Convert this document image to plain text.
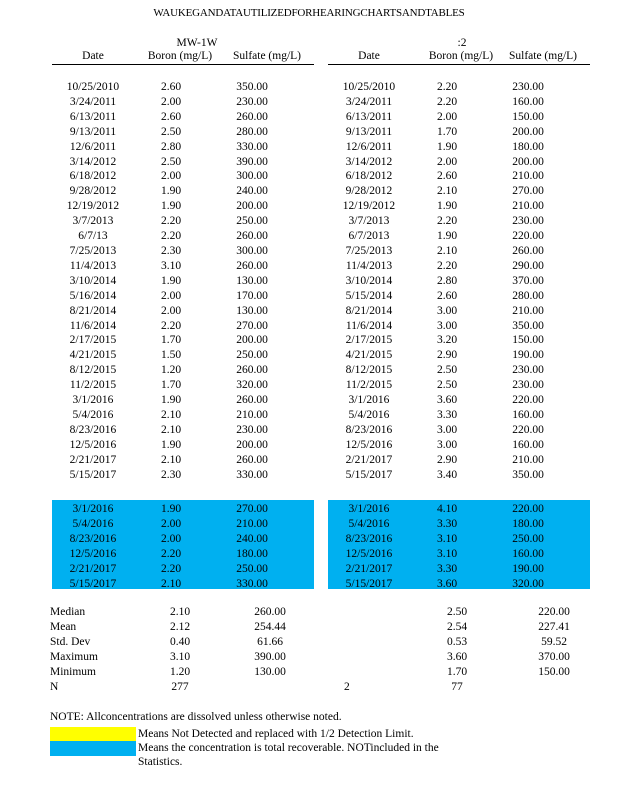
WAUKEGANDATAUTILIZEDFORHEARINGCHARTSANDTABLES
MW-1W
Date	Boron (mg/L)	Sulfate (mg/L)
:2
Date	Boron (mg/L)	Sulfate (mg/L)
10/25/2010	2.60	350.00
3/24/2011	2.00	230.00
6/13/2011	2.60	260.00
9/13/2011	2.50	280.00
12/6/2011	2.80	330.00
3/14/2012	2.50	390.00
6/18/2012	2.00	300.00
9/28/2012	1.90	240.00
12/19/2012	1.90	200.00
3/7/2013	2.20	250.00
6/7/13	2.20	260.00
7/25/2013	2.30	300.00
11/4/2013	3.10	260.00
3/10/2014	1.90	130.00
5/16/2014	2.00	170.00
8/21/2014	2.00	130.00
11/6/2014	2.20	270.00
2/17/2015	1.70	200.00
4/21/2015	1.50	250.00
8/12/2015	1.20	260.00
11/2/2015	1.70	320.00
3/1/2016	1.90	260.00
5/4/2016	2.10	210.00
8/23/2016	2.10	230.00
12/5/2016	1.90	200.00
2/21/2017	2.10	260.00
5/15/2017	2.30	330.00
10/25/2010	2.20	230.00
3/24/2011	2.20	160.00
6/13/2011	2.00	150.00
9/13/2011	1.70	200.00
12/6/2011	1.90	180.00
3/14/2012	2.00	200.00
6/18/2012	2.60	210.00
9/28/2012	2.10	270.00
12/19/2012	1.90	210.00
3/7/2013	2.20	230.00
6/7/2013	1.90	220.00
7/25/2013	2.10	260.00
11/4/2013	2.20	290.00
3/10/2014	2.80	370.00
5/15/2014	2.60	280.00
8/21/2014	3.00	210.00
11/6/2014	3.00	350.00
2/17/2015	3.20	150.00
4/21/2015	2.90	190.00
8/12/2015	2.50	230.00
11/2/2015	2.50	230.00
3/1/2016	3.60	220.00
5/4/2016	3.30	160.00
8/23/2016	3.00	220.00
12/5/2016	3.00	160.00
2/21/2017	2.90	210.00
5/15/2017	3.40	350.00
3/1/2016	1.90	270.00
5/4/2016	2.00	210.00
8/23/2016	2.00	240.00
12/5/2016	2.20	180.00
2/21/2017	2.20	250.00
5/15/2017	2.10	330.00
3/1/2016	4.10	220.00
5/4/2016	3.30	180.00
8/23/2016	3.10	250.00
12/5/2016	3.10	160.00
2/21/2017	3.30	190.00
5/15/2017	3.60	320.00
Median	2.10	260.00
Mean	2.12	254.44
Std. Dev	0.40	61.66
Maximum	3.10	390.00
Minimum	1.20	130.00
N	277	
	2.50	220.00
	2.54	227.41
	0.53	59.52
	3.60	370.00
	1.70	150.00
2	77	
NOTE: Allconcentrations are dissolved unless otherwise noted.
Means Not Detected and replaced with 1/2 Detection Limit.
Means the concentration is total recoverable. NOTincluded in the Statistics.
